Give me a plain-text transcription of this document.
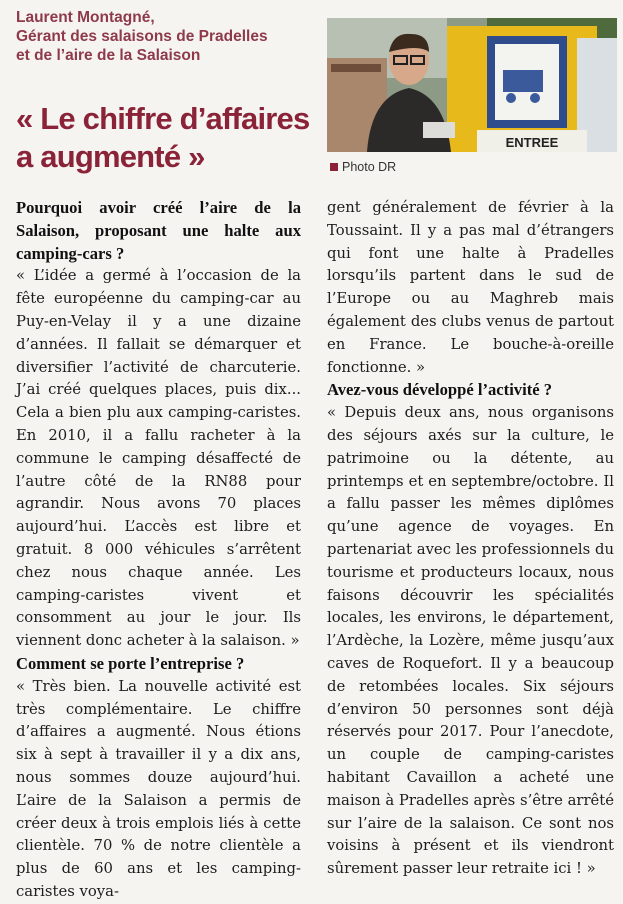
Laurent Montagné,
Gérant des salaisons de Pradelles
et de l’aire de la Salaison
« Le chiffre d’affaires
a augmenté »	ENTREE
Photo DR
Pourquoi avoir créé l’aire de la Salaison, proposant une halte aux camping-cars ?

« L’idée a germé à l’occasion de la fête européenne du camping-car au Puy-en-Velay il y a une dizaine d’années. Il fallait se démarquer et diversifier l’activité de charcuterie. J’ai créé quelques places, puis dix... Cela a bien plu aux camping-caristes. En 2010, il a fallu racheter à la commune le camping désaffecté de l’autre côté de la RN88 pour agrandir. Nous avons 70 places aujourd’hui. L’accès est libre et gratuit. 8 000 véhicules s’arrêtent chez nous chaque année. Les camping-caristes vivent et consomment au jour le jour. Ils viennent donc acheter à la salaison. »

Comment se porte l’entreprise ?

« Très bien. La nouvelle activité est très complémentaire. Le chiffre d’affaires a augmenté. Nous étions six à sept à travailler il y a dix ans, nous sommes douze aujourd’hui. L’aire de la Salaison a permis de créer deux à trois emplois liés à cette clientèle. 70 % de notre clientèle a plus de 60 ans et les camping-caristes voya-

gent généralement de février à la Toussaint. Il y a pas mal d’étrangers qui font une halte à Pradelles lorsqu’ils partent dans le sud de l’Europe ou au Maghreb mais également des clubs venus de partout en France. Le bouche-à-oreille fonctionne. »

Avez-vous développé l’activité ?

« Depuis deux ans, nous organisons des séjours axés sur la culture, le patrimoine ou la détente, au printemps et en septembre/octobre. Il a fallu passer les mêmes diplômes qu’une agence de voyages. En partenariat avec les professionnels du tourisme et producteurs locaux, nous faisons découvrir les spécialités locales, les environs, le département, l’Ardèche, la Lozère, même jusqu’aux caves de Roquefort. Il y a beaucoup de retombées locales. Six séjours d’environ 50 personnes sont déjà réservés pour 2017. Pour l’anecdote, un couple de camping-caristes habitant Cavaillon a acheté une maison à Pradelles après s’être arrêté sur l’aire de la salaison. Ce sont nos voisins à présent et ils viendront sûrement passer leur retraite ici ! »
